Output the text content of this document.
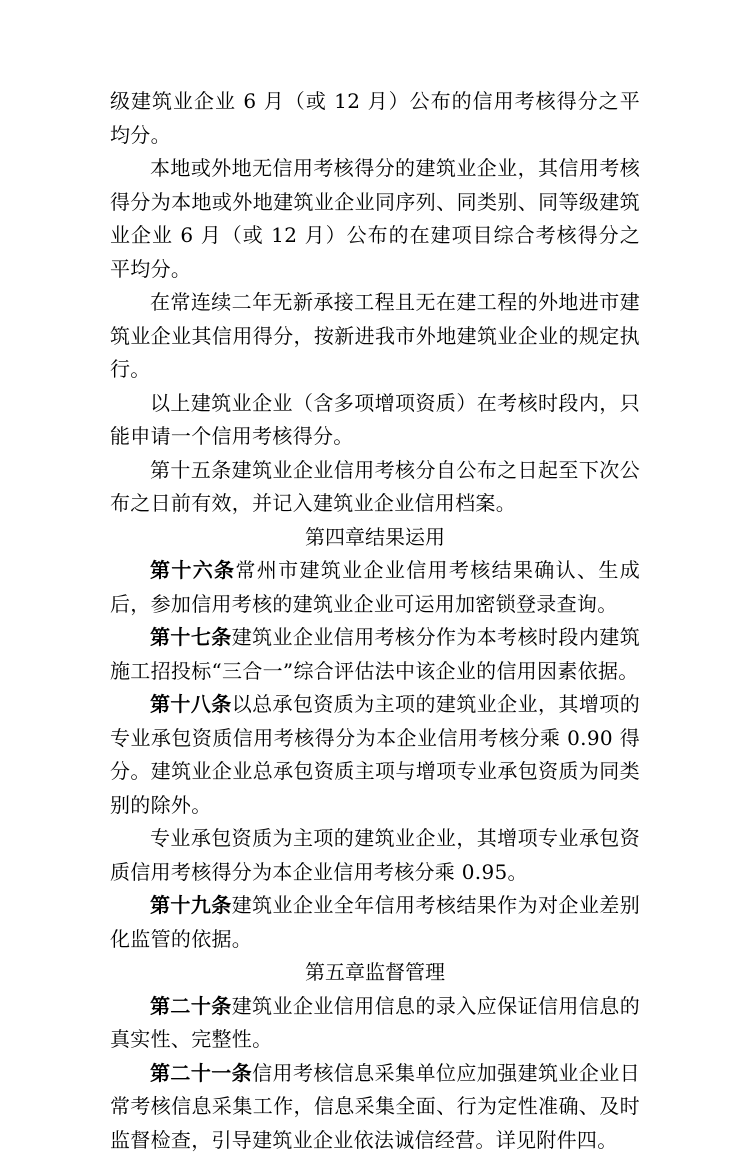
级建筑业企业 6 月（或 12 月）公布的信用考核得分之平均分。

本地或外地无信用考核得分的建筑业企业，其信用考核得分为本地或外地建筑业企业同序列、同类别、同等级建筑业企业 6 月（或 12 月）公布的在建项目综合考核得分之平均分。

在常连续二年无新承接工程且无在建工程的外地进市建筑业企业其信用得分，按新进我市外地建筑业企业的规定执行。

以上建筑业企业（含多项增项资质）在考核时段内，只能申请一个信用考核得分。

第十五条建筑业企业信用考核分自公布之日起至下次公布之日前有效，并记入建筑业企业信用档案。

第四章结果运用

第十六条常州市建筑业企业信用考核结果确认、生成后，参加信用考核的建筑业企业可运用加密锁登录查询。

第十七条建筑业企业信用考核分作为本考核时段内建筑施工招投标“三合一”综合评估法中该企业的信用因素依据。

第十八条以总承包资质为主项的建筑业企业，其增项的专业承包资质信用考核得分为本企业信用考核分乘 0.90 得分。建筑业企业总承包资质主项与增项专业承包资质为同类别的除外。

专业承包资质为主项的建筑业企业，其增项专业承包资质信用考核得分为本企业信用考核分乘 0.95。

第十九条建筑业企业全年信用考核结果作为对企业差别化监管的依据。

第五章监督管理

第二十条建筑业企业信用信息的录入应保证信用信息的真实性、完整性。

第二十一条信用考核信息采集单位应加强建筑业企业日常考核信息采集工作，信息采集全面、行为定性准确、及时监督检查，引导建筑业企业依法诚信经营。详见附件四。
